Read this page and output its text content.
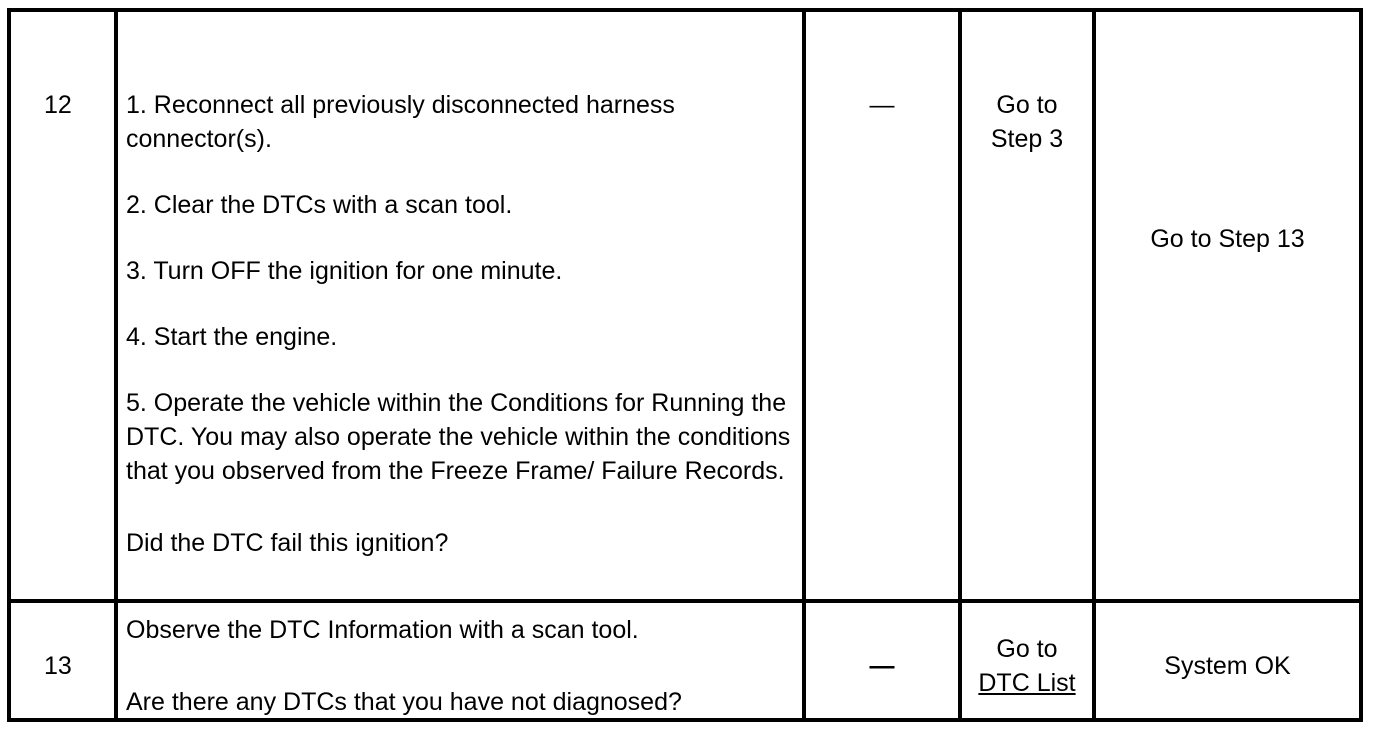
12 1. Reconnect all previously disconnected harness connector(s).

2. Clear the DTCs with a scan tool.

3. Turn OFF the ignition for one minute.

4. Start the engine.

5. Operate the vehicle within the Conditions for Running the DTC. You may also operate the vehicle within the conditions that you observed from the Freeze Frame/ Failure Records.

Did the DTC fail this ignition?

—	Go to
Step 3
Go to Step 13
13

Observe the DTC Information with a scan tool.

Are there any DTCs that you have not diagnosed?

—
Go to
DTC List
System OK
